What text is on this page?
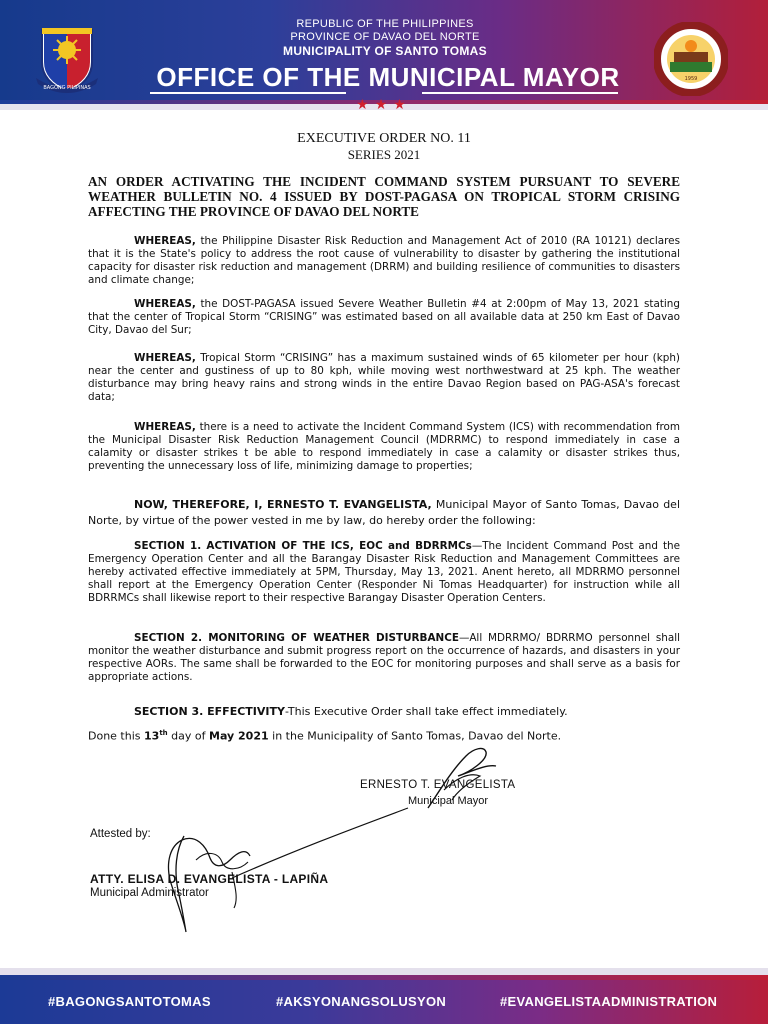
BAGONG PILIPINAS
1959
REPUBLIC OF THE PHILIPPINES
PROVINCE OF DAVAO DEL NORTE
MUNICIPALITY OF SANTO TOMAS
OFFICE OF THE MUNICIPAL MAYOR
★★★
EXECUTIVE ORDER NO. 11
SERIES 2021
AN ORDER ACTIVATING THE INCIDENT COMMAND SYSTEM PURSUANT TO SEVERE WEATHER BULLETIN NO. 4 ISSUED BY DOST-PAGASA ON TROPICAL STORM CRISING AFFECTING THE PROVINCE OF DAVAO DEL NORTE
WHEREAS, the Philippine Disaster Risk Reduction and Management Act of 2010 (RA 10121) declares that it is the State's policy to address the root cause of vulnerability to disaster by gathering the institutional capacity for disaster risk reduction and management (DRRM) and building resilience of communities to disasters and climate change;
WHEREAS, the DOST-PAGASA issued Severe Weather Bulletin #4 at 2:00pm of May 13, 2021 stating that the center of Tropical Storm “CRISING” was estimated based on all available data at 250 km East of Davao City, Davao del Sur;
WHEREAS, Tropical Storm “CRISING” has a maximum sustained winds of 65 kilometer per hour (kph) near the center and gustiness of up to 80 kph, while moving west northwestward at 25 kph. The weather disturbance may bring heavy rains and strong winds in the entire Davao Region based on PAG-ASA's forecast data;
WHEREAS, there is a need to activate the Incident Command System (ICS) with recommendation from the Municipal Disaster Risk Reduction Management Council (MDRRMC) to respond immediately in case a calamity or disaster strikes t be able to respond immediately in case a calamity or disaster strikes thus, preventing the unnecessary loss of life, minimizing damage to properties;
NOW, THEREFORE, I, ERNESTO T. EVANGELISTA, Municipal Mayor of Santo Tomas, Davao del Norte, by virtue of the power vested in me by law, do hereby order the following:
SECTION 1. ACTIVATION OF THE ICS, EOC and BDRRMCs—The Incident Command Post and the Emergency Operation Center and all the Barangay Disaster Risk Reduction and Management Committees are hereby activated effective immediately at 5PM, Thursday, May 13, 2021. Anent hereto, all MDRRMO personnel shall report at the Emergency Operation Center (Responder Ni Tomas Headquarter) for instruction while all BDRRMCs shall likewise report to their respective Barangay Disaster Operation Centers.
SECTION 2. MONITORING OF WEATHER DISTURBANCE—All MDRRMO/ BDRRMO personnel shall monitor the weather disturbance and submit progress report on the occurrence of hazards, and disasters in your respective AORs. The same shall be forwarded to the EOC for monitoring purposes and shall serve as a basis for appropriate actions.
SECTION 3. EFFECTIVITY-This Executive Order shall take effect immediately.
Done this 13th day of May 2021 in the Municipality of Santo Tomas, Davao del Norte.
ERNESTO T. EVANGELISTA
Municipal Mayor
Attested by:
ATTY. ELISA D. EVANGELISTA - LAPIÑA
Municipal Administrator
#BAGONGSANTOTOMAS	#AKSYONANGSOLUSYON	#EVANGELISTAADMINISTRATION
